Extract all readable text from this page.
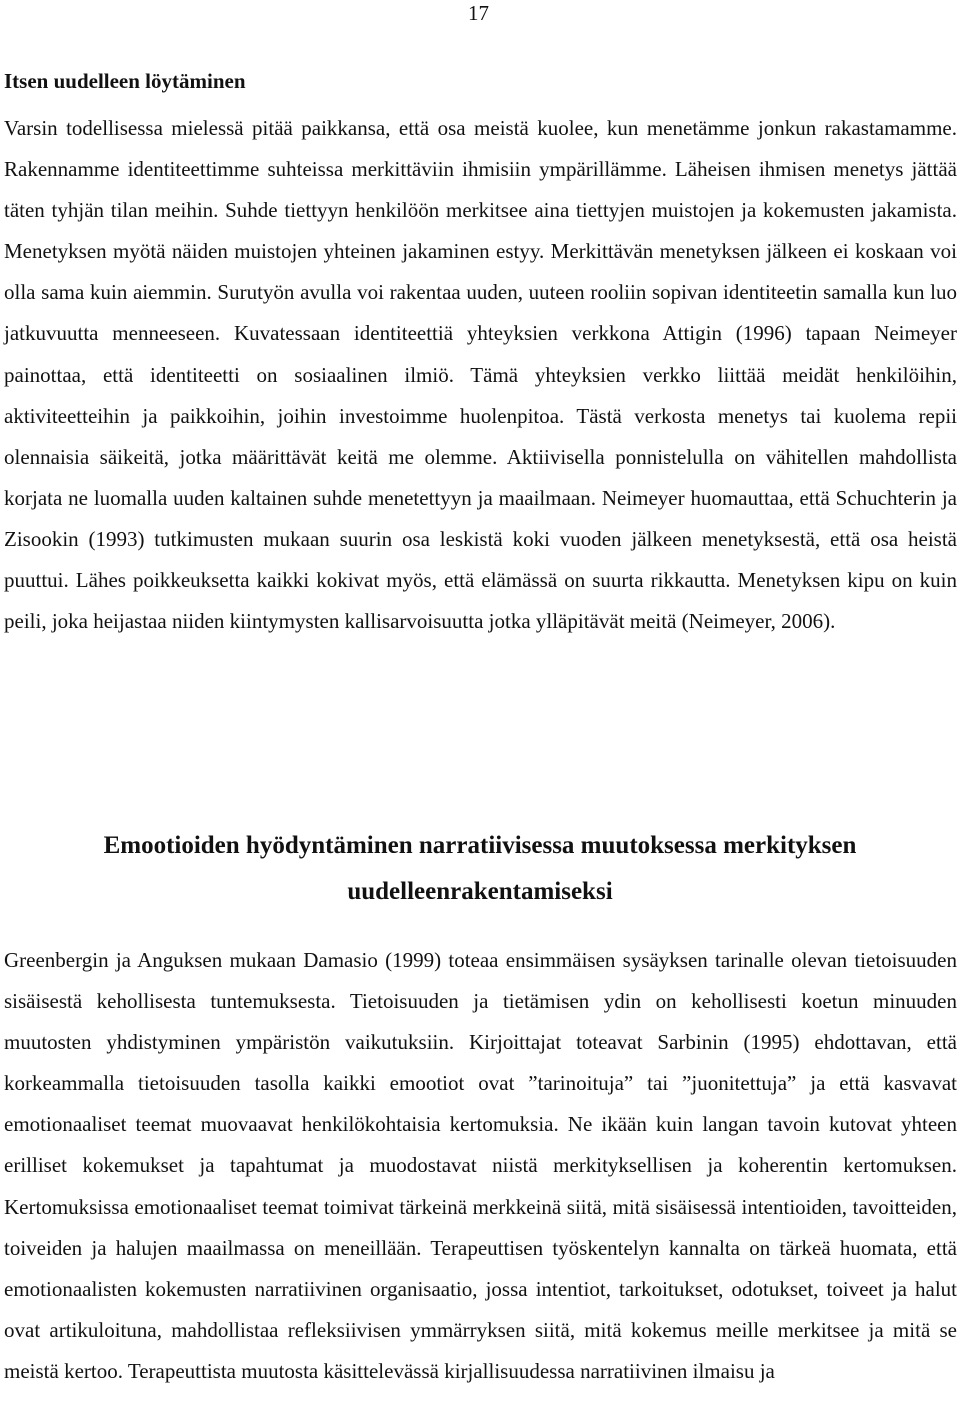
17
Itsen uudelleen löytäminen

Varsin todellisessa mielessä pitää paikkansa, että osa meistä kuolee, kun menetämme jonkun rakastamamme. Rakennamme identiteettimme suhteissa merkittäviin ihmisiin ympärillämme. Läheisen ihmisen menetys jättää täten tyhjän tilan meihin. Suhde tiettyyn henkilöön merkitsee aina tiettyjen muistojen ja kokemusten jakamista. Menetyksen myötä näiden muistojen yhteinen jakaminen estyy. Merkittävän menetyksen jälkeen ei koskaan voi olla sama kuin aiemmin. Surutyön avulla voi rakentaa uuden, uuteen rooliin sopivan identiteetin samalla kun luo jatkuvuutta menneeseen. Kuvatessaan identiteettiä yhteyksien verkkona Attigin (1996) tapaan Neimeyer painottaa, että identiteetti on sosiaalinen ilmiö. Tämä yhteyksien verkko liittää meidät henkilöihin, aktiviteetteihin ja paikkoihin, joihin investoimme huolenpitoa. Tästä verkosta menetys tai kuolema repii olennaisia säikeitä, jotka määrittävät keitä me olemme. Aktiivisella ponnistelulla on vähitellen mahdollista korjata ne luomalla uuden kaltainen suhde menetettyyn ja maailmaan. Neimeyer huomauttaa, että Schuchterin ja Zisookin (1993) tutkimusten mukaan suurin osa leskistä koki vuoden jälkeen menetyksestä, että osa heistä puuttui. Lähes poikkeuksetta kaikki kokivat myös, että elämässä on suurta rikkautta. Menetyksen kipu on kuin peili, joka heijastaa niiden kiintymysten kallisarvoisuutta jotka ylläpitävät meitä (Neimeyer, 2006).

Emootioiden hyödyntäminen narratiivisessa muutoksessa merkityksen uudelleenrakentamiseksi

Greenbergin ja Anguksen mukaan Damasio (1999) toteaa ensimmäisen sysäyksen tarinalle olevan tietoisuuden sisäisestä kehollisesta tuntemuksesta. Tietoisuuden ja tietämisen ydin on kehollisesti koetun minuuden muutosten yhdistyminen ympäristön vaikutuksiin. Kirjoittajat toteavat Sarbinin (1995) ehdottavan, että korkeammalla tietoisuuden tasolla kaikki emootiot ovat ”tarinoituja” tai ”juonitettuja” ja että kasvavat emotionaaliset teemat muovaavat henkilökohtaisia kertomuksia. Ne ikään kuin langan tavoin kutovat yhteen erilliset kokemukset ja tapahtumat ja muodostavat niistä merkityksellisen ja koherentin kertomuksen. Kertomuksissa emotionaaliset teemat toimivat tärkeinä merkkeinä siitä, mitä sisäisessä intentioiden, tavoitteiden, toiveiden ja halujen maailmassa on meneillään. Terapeuttisen työskentelyn kannalta on tärkeä huomata, että emotionaalisten kokemusten narratiivinen organisaatio, jossa intentiot, tarkoitukset, odotukset, toiveet ja halut ovat artikuloituna, mahdollistaa refleksiivisen ymmärryksen siitä, mitä kokemus meille merkitsee ja mitä se meistä kertoo. Terapeuttista muutosta käsittelevässä kirjallisuudessa narratiivinen ilmaisu ja
